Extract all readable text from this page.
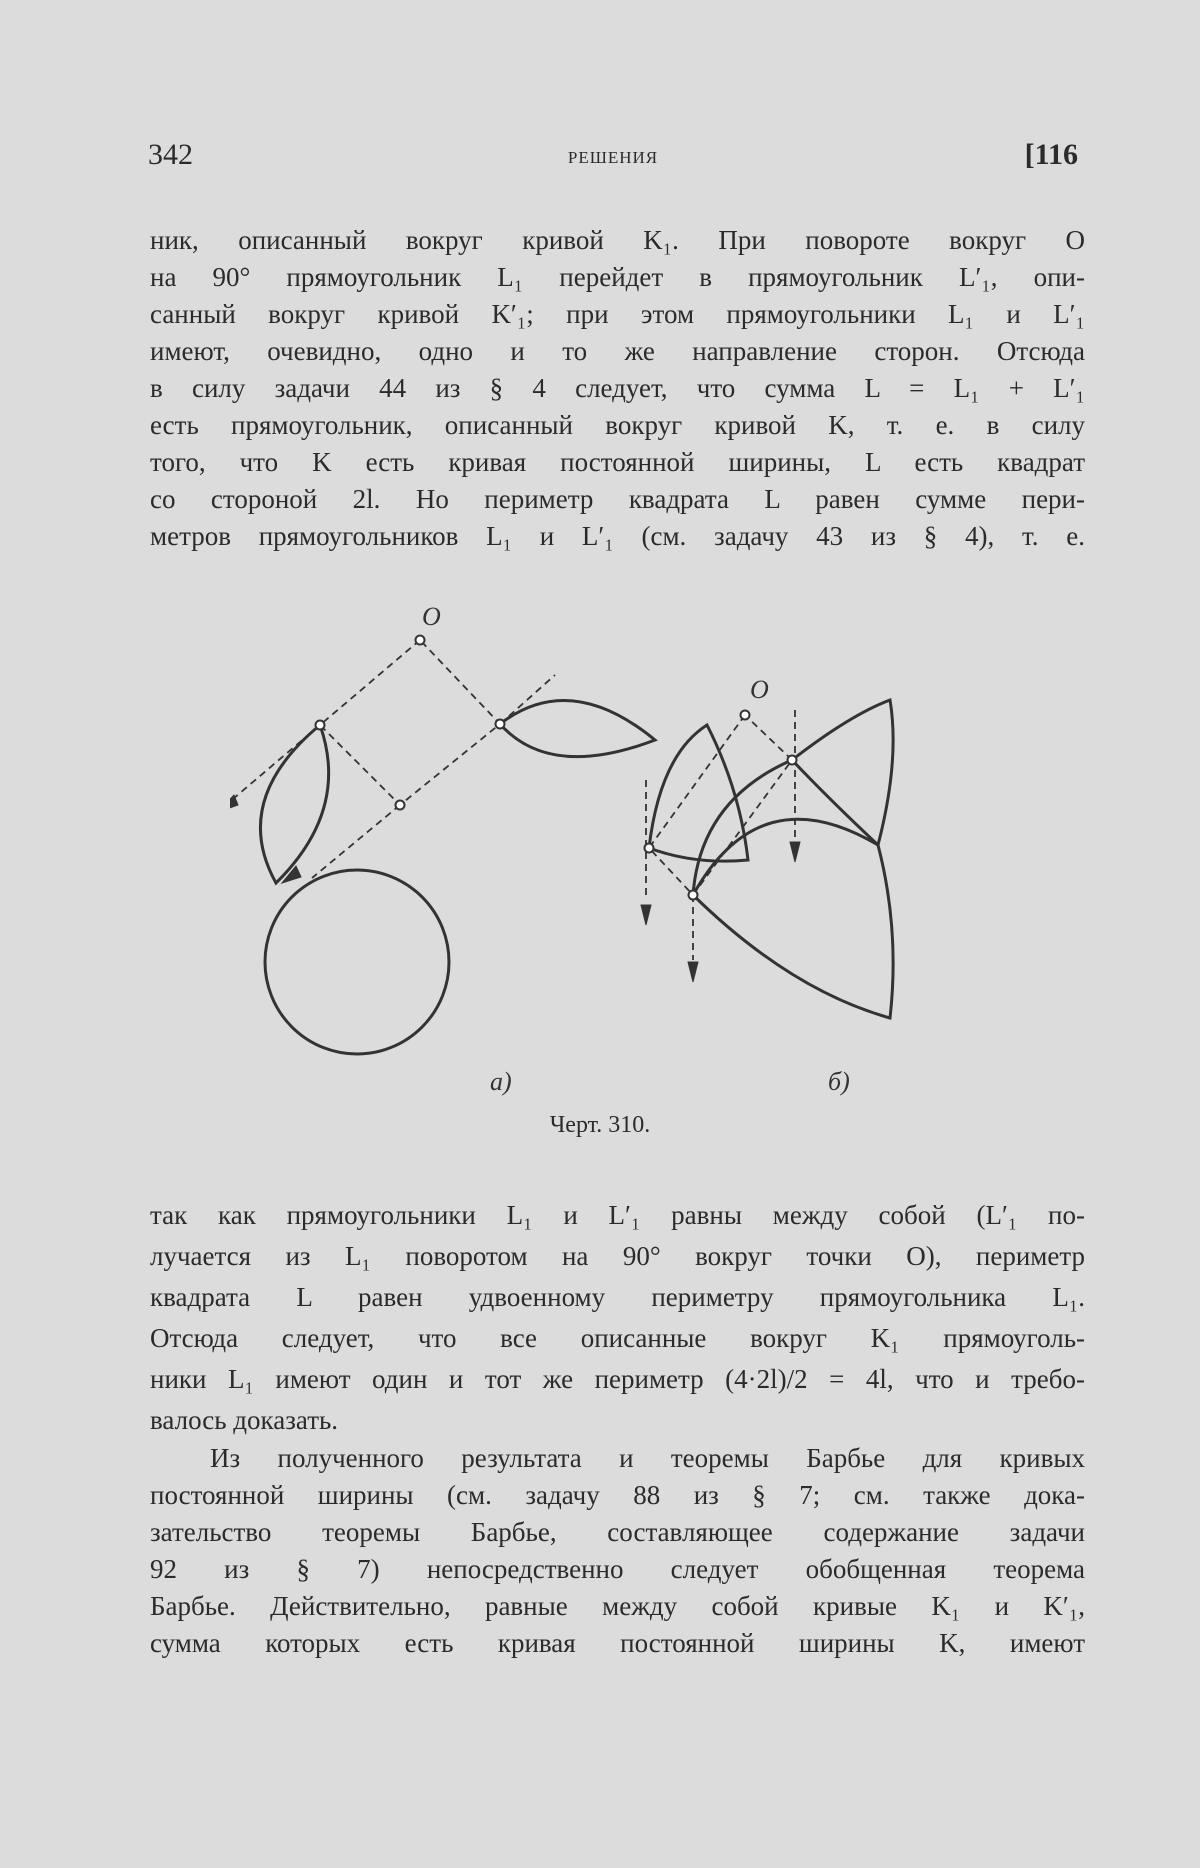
342	РЕШЕНИЯ	[116

ник, описанный вокруг кривой K₁. При повороте вокруг O

на 90° прямоугольник L₁ перейдет в прямоугольник L′₁, опи-

санный вокруг кривой K′₁; при этом прямоугольники L₁ и L′₁

имеют, очевидно, одно и то же направление сторон. Отсюда

в силу задачи 44 из § 4 следует, что сумма L = L₁ + L′₁

есть прямоугольник, описанный вокруг кривой K, т. е. в силу

того, что K есть кривая постоянной ширины, L есть квадрат

со стороной 2l. Но периметр квадрата L равен сумме пери-

метров прямоугольников L₁ и L′₁ (см. задачу 43 из § 4), т. е.

O
O
а)	б)
Черт. 310.

так как прямоугольники L₁ и L′₁ равны между собой (L′₁ по-

лучается из L₁ поворотом на 90° вокруг точки O), периметр

квадрата L равен удвоенному периметру прямоугольника L₁.

Отсюда следует, что все описанные вокруг K₁ прямоуголь-

ники L₁ имеют один и тот же периметр (4·2l)/2 = 4l, что и требо-

валось доказать.

Из полученного результата и теоремы Барбье для кривых

постоянной ширины (см. задачу 88 из § 7; см. также дока-

зательство теоремы Барбье, составляющее содержание задачи

92 из § 7) непосредственно следует обобщенная теорема

Барбье. Действительно, равные между собой кривые K₁ и K′₁,

сумма которых есть кривая постоянной ширины K, имеют
